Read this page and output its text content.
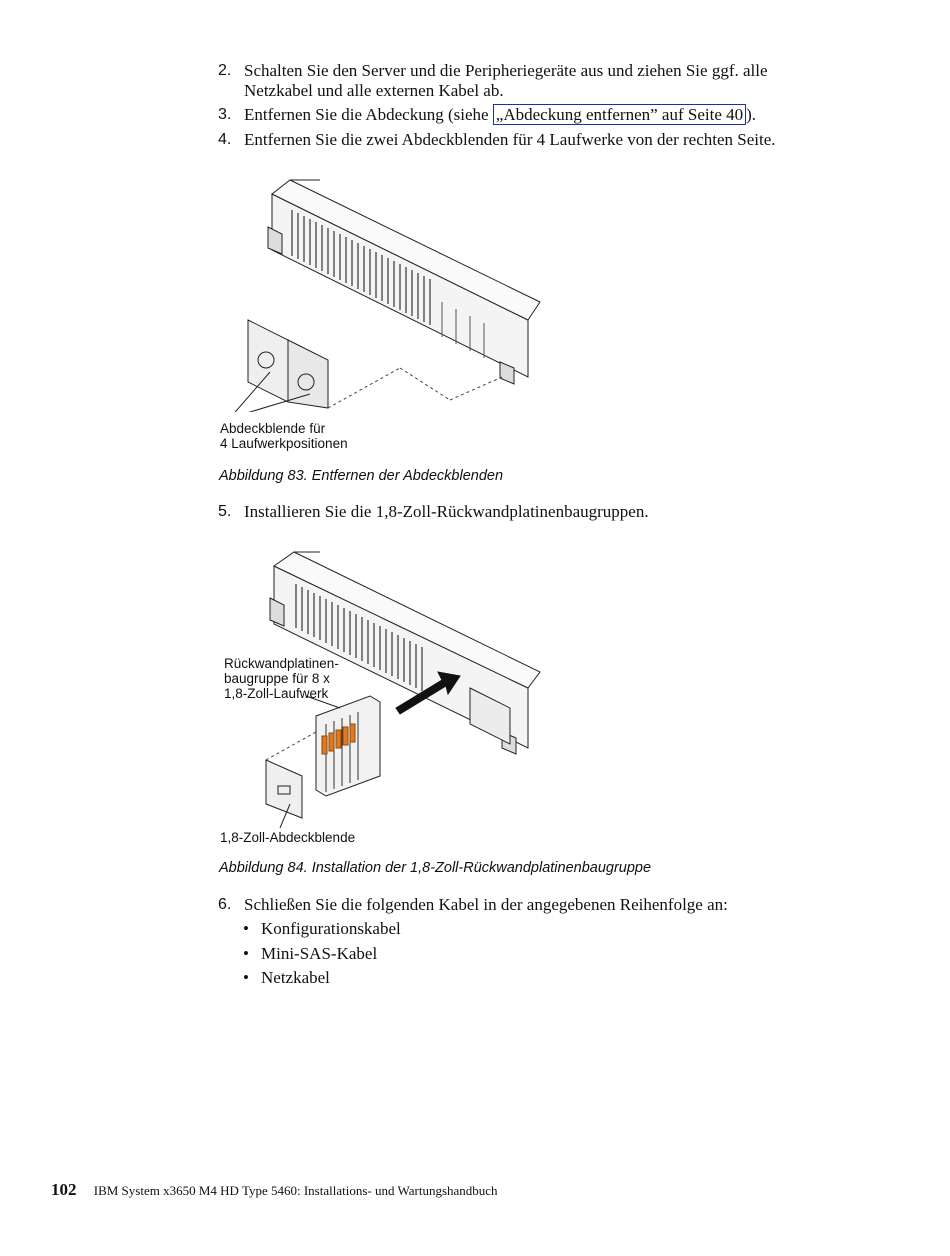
2. Schalten Sie den Server und die Peripheriegeräte aus und ziehen Sie ggf. alle Netzkabel und alle externen Kabel ab.
3. Entfernen Sie die Abdeckung (siehe „Abdeckung entfernen” auf Seite 40 ).
4. Entfernen Sie die zwei Abdeckblenden für 4 Laufwerke von der rechten Seite.
Abdeckblende für
4 Laufwerkpositionen
Abbildung 83. Entfernen der Abdeckblenden
5. Installieren Sie die 1,8-Zoll-Rückwandplatinenbaugruppen.
Rückwandplatinen-
baugruppe für 8 x
1,8-Zoll-Laufwerk
1,8-Zoll-Abdeckblende
Abbildung 84. Installation der 1,8-Zoll-Rückwandplatinenbaugruppe
6. Schließen Sie die folgenden Kabel in der angegebenen Reihenfolge an:
• Konfigurationskabel
• Mini-SAS-Kabel
• Netzkabel
102 IBM System x3650 M4 HD Type 5460: Installations- und Wartungshandbuch
